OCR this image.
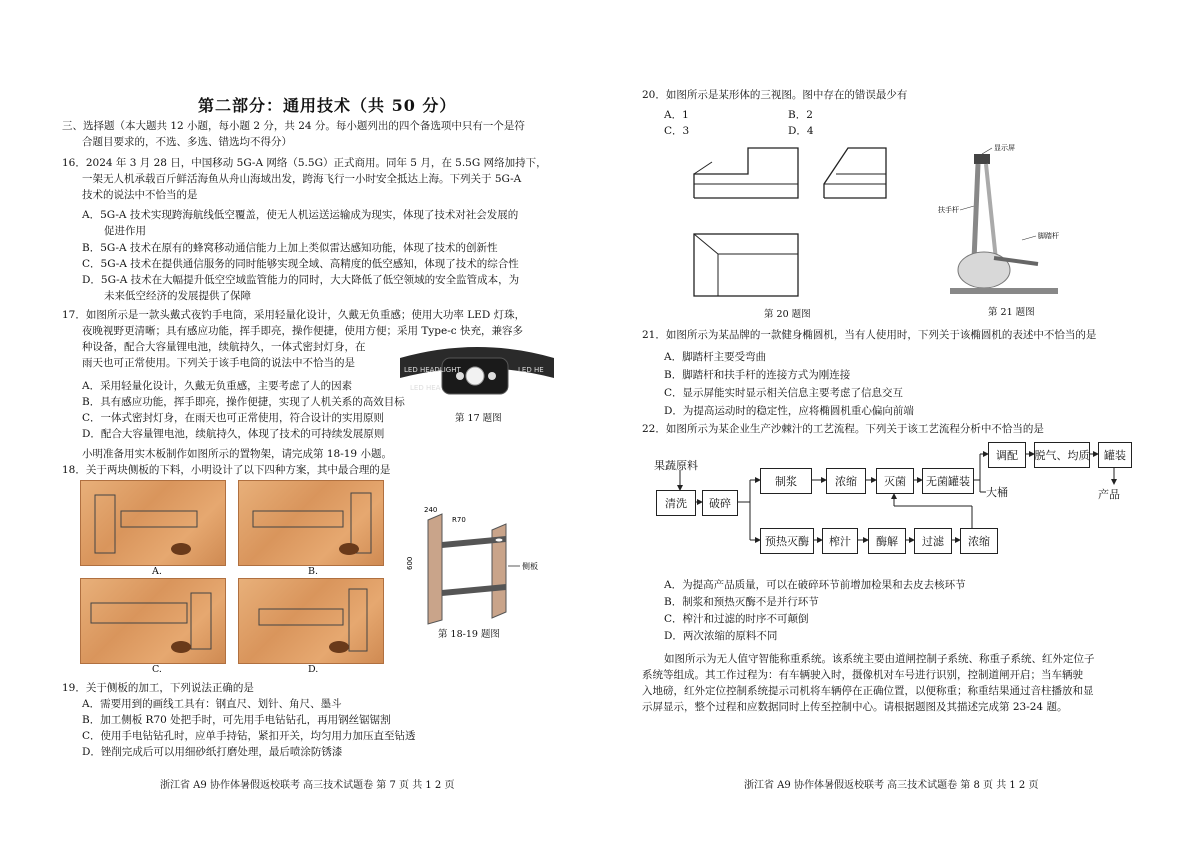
第二部分：通用技术（共 50 分）
三、选择题（本大题共 12 小题，每小题 2 分，共 24 分。每小题列出的四个备选项中只有一个是符
合题目要求的，不选、多选、错选均不得分）
16．2024 年 3 月 28 日，中国移动 5G-A 网络（5.5G）正式商用。同年 5 月，在 5.5G 网络加持下，
一架无人机承载百斤鲜活海鱼从舟山海域出发，跨海飞行一小时安全抵达上海。下列关于 5G-A
技术的说法中不恰当的是
A．5G-A 技术实现跨海航线低空覆盖，使无人机运送运输成为现实，体现了技术对社会发展的
促进作用
B．5G-A 技术在原有的蜂窝移动通信能力上加上类似雷达感知功能，体现了技术的创新性
C．5G-A 技术在提供通信服务的同时能够实现全域、高精度的低空感知，体现了技术的综合性
D．5G-A 技术在大幅提升低空空域监管能力的同时，大大降低了低空领域的安全监管成本，为
未来低空经济的发展提供了保障
17．如图所示是一款头戴式夜钓手电筒，采用轻量化设计，久戴无负重感；使用大功率 LED 灯珠，
夜晚视野更清晰；具有感应功能，挥手即亮，操作便捷，使用方便；采用 Type-c 快充，兼容多
种设备，配合大容量锂电池，续航持久，一体式密封灯身，在
雨天也可正常使用。下列关于该手电筒的说法中不恰当的是
A．采用轻量化设计，久戴无负重感，主要考虑了人的因素
B．具有感应功能，挥手即亮，操作便捷，实现了人机关系的高效目标
C．一体式密封灯身，在雨天也可正常使用，符合设计的实用原则
D．配合大容量锂电池，续航持久，体现了技术的可持续发展原则
LED HEADLIGHT	LED HE
LED HEA
第 17 题图
小明准备用实木板制作如图所示的置物架，请完成第 18-19 小题。
18．关于两块侧板的下料，小明设计了以下四种方案，其中最合理的是
A.	B.
C.	D.
240
R70
600	侧板
第 18-19 题图
19．关于侧板的加工，下列说法正确的是
A．需要用到的画线工具有：钢直尺、划针、角尺、墨斗
B．加工侧板 R70 处把手时，可先用手电钻钻孔，再用钢丝锯锯割
C．使用手电钻钻孔时，应单手持钻，紧扣开关，均匀用力加压直至钻透
D．锉削完成后可以用细砂纸打磨处理，最后喷涂防锈漆
浙江省 A9 协作体暑假返校联考 高三技术试题卷 第 7 页 共 1 2 页
20．如图所示是某形体的三视图。图中存在的错误最少有
A．1	B．2
C．3	D．4
第 20 题图
显示屏
扶手杆
脚踏杆
第 21 题图
21．如图所示为某品牌的一款健身椭圆机，当有人使用时，下列关于该椭圆机的表述中不恰当的是
A．脚踏杆主要受弯曲
B．脚踏杆和扶手杆的连接方式为刚连接
C．显示屏能实时显示相关信息主要考虑了信息交互
D．为提高运动时的稳定性，应将椭圆机重心偏向前端
22．如图所示为某企业生产沙棘汁的工艺流程。下列关于该工艺流程分析中不恰当的是
果蔬原料
清洗	破碎
制浆	浓缩	灭菌	无菌罐装
大桶
调配	脱气、均质	罐装
产品
预热灭酶	榨汁	酶解	过滤	浓缩
A．为提高产品质量，可以在破碎环节前增加检果和去皮去核环节
B．制浆和预热灭酶不是并行环节
C．榨汁和过滤的时序不可颠倒
D．两次浓缩的原料不同
如图所示为无人值守智能称重系统。该系统主要由道闸控制子系统、称重子系统、红外定位子
系统等组成。其工作过程为：有车辆驶入时，摄像机对车号进行识别，控制道闸开启；当车辆驶
入地磅，红外定位控制系统提示司机将车辆停在正确位置，以便称重；称重结果通过音柱播放和显
示屏显示，整个过程和应数据同时上传至控制中心。请根据题图及其描述完成第 23-24 题。
浙江省 A9 协作体暑假返校联考 高三技术试题卷 第 8 页 共 1 2 页
